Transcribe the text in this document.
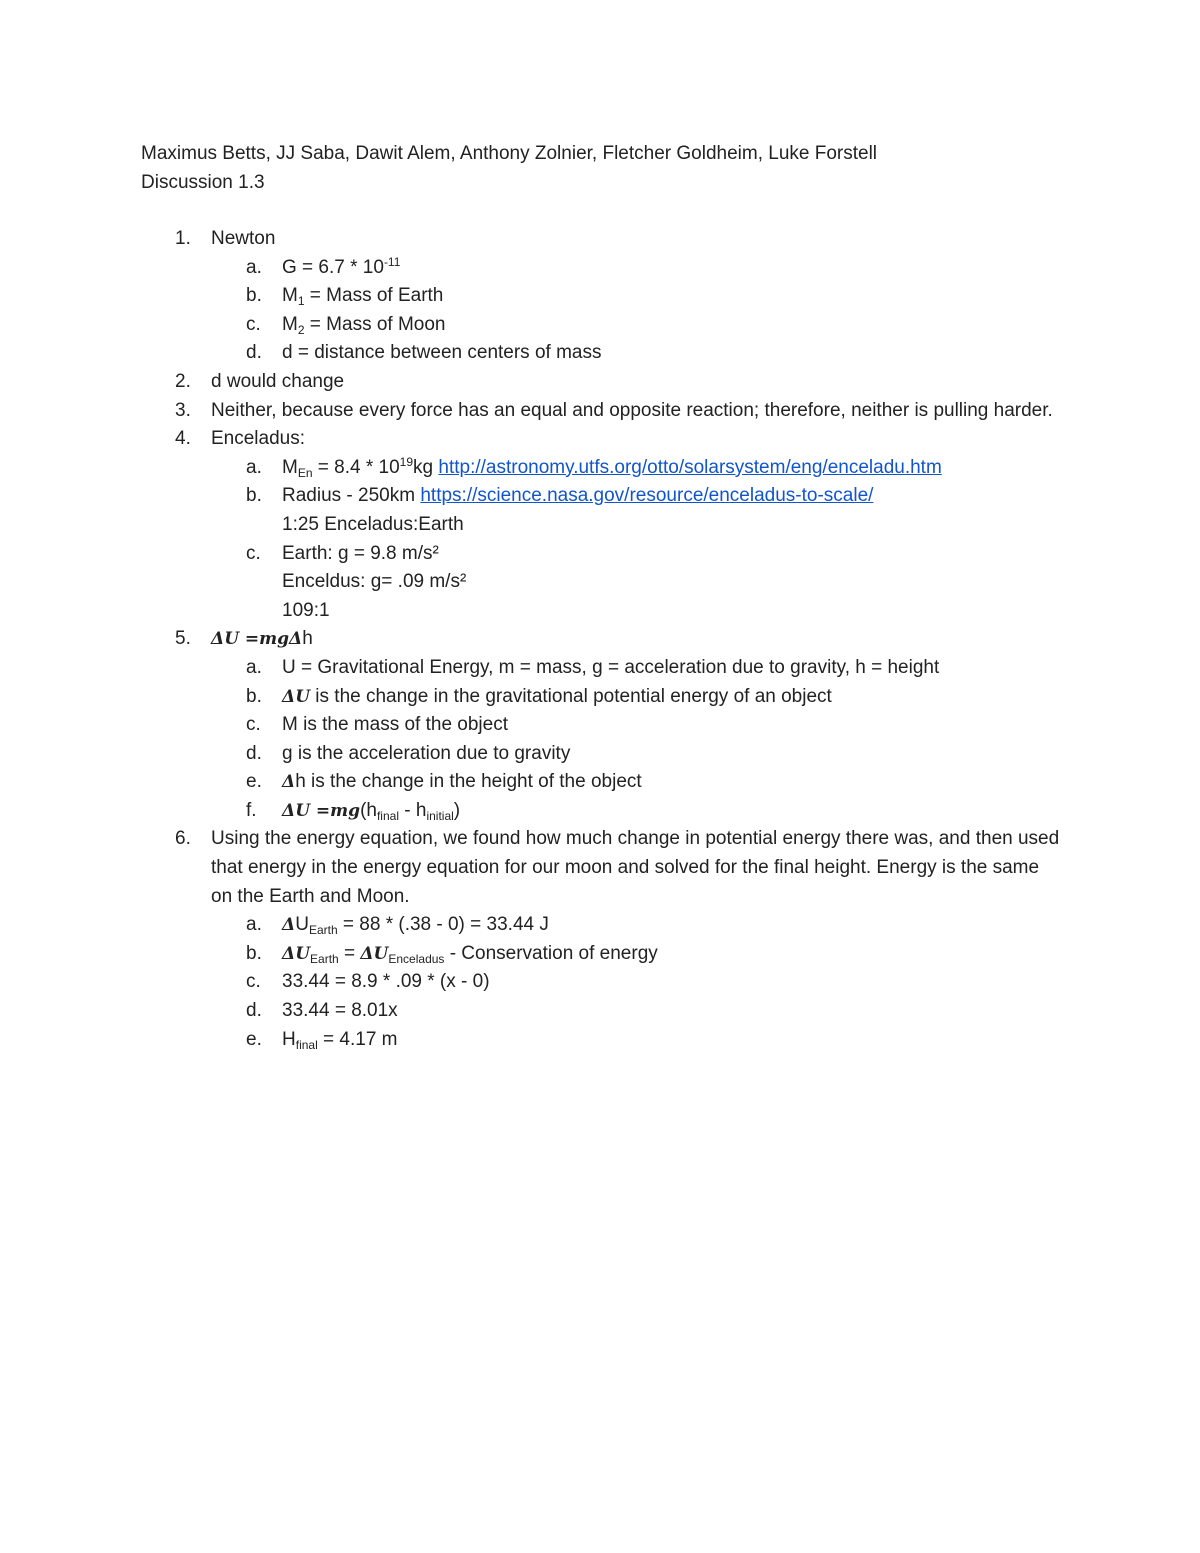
Maximus Betts, JJ Saba, Dawit Alem, Anthony Zolnier, Fletcher Goldheim, Luke Forstell
Discussion 1.3
1. Newton
a. $G = 6.7 * 10^{-11}$
b. $M_1$ = Mass of Earth
c. $M_2$ = Mass of Moon
d. d = distance between centers of mass
2. d would change
3. Neither, because every force has an equal and opposite reaction; therefore, neither is pulling harder.
4. Enceladus:
a. $M_{En} = 8.4 * 10^{19}kg$ http://astronomy.utfs.org/otto/solarsystem/eng/enceladu.htm
b. Radius - 250km https://science.nasa.gov/resource/enceladus-to-scale/
1:25 Enceladus:Earth
c. Earth: g = 9.8 m/s²
Enceldus: g= .09 m/s²
109:1
5. ΔU =mgΔh
a. U = Gravitational Energy, m = mass, g = acceleration due to gravity, h = height
b. ΔU is the change in the gravitational potential energy of an object
c. M is the mass of the object
d. g is the acceleration due to gravity
e. Δh is the change in the height of the object
f. $\Delta U =mg(h_{final} - h_{initial})$
6. Using the energy equation, we found how much change in potential energy there was, and then used that energy in the energy equation for our moon and solved for the final height. Energy is the same on the Earth and Moon.
a. $\Delta U_{Earth} = 88 * (.38 - 0) = 33.44$ J
b. $\Delta U_{Earth} = \Delta U_{Enceladus}$ - Conservation of energy
c. 33.44 = 8.9 * .09 * (x - 0)
d. 33.44 = 8.01x
e. $H_{final} = 4.17$ m
